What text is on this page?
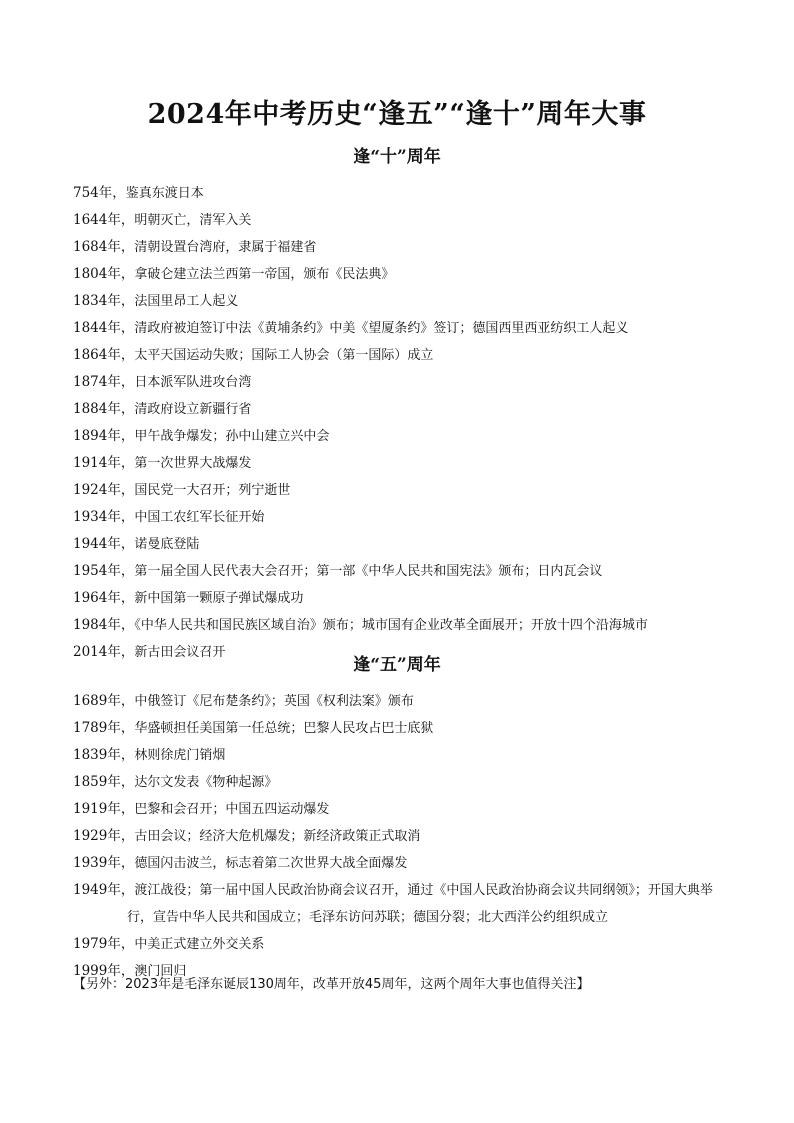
2024年中考历史“逢五”“逢十”周年大事
逢“十”周年
754年，鉴真东渡日本
1644年，明朝灭亡，清军入关
1684年，清朝设置台湾府，隶属于福建省
1804年，拿破仑建立法兰西第一帝国，颁布《民法典》
1834年，法国里昂工人起义
1844年，清政府被迫签订中法《黄埔条约》中美《望厦条约》签订；德国西里西亚纺织工人起义
1864年，太平天国运动失败；国际工人协会（第一国际）成立
1874年，日本派军队进攻台湾
1884年，清政府设立新疆行省
1894年，甲午战争爆发；孙中山建立兴中会
1914年，第一次世界大战爆发
1924年，国民党一大召开；列宁逝世
1934年，中国工农红军长征开始
1944年，诺曼底登陆
1954年，第一届全国人民代表大会召开；第一部《中华人民共和国宪法》颁布；日内瓦会议
1964年，新中国第一颗原子弹试爆成功
1984年，《中华人民共和国民族区域自治》颁布；城市国有企业改革全面展开；开放十四个沿海城市
2014年，新古田会议召开
逢“五”周年
1689年，中俄签订《尼布楚条约》；英国《权利法案》颁布
1789年，华盛顿担任美国第一任总统；巴黎人民攻占巴士底狱
1839年，林则徐虎门销烟
1859年，达尔文发表《物种起源》
1919年，巴黎和会召开；中国五四运动爆发
1929年，古田会议；经济大危机爆发；新经济政策正式取消
1939年，德国闪击波兰，标志着第二次世界大战全面爆发
1949年，渡江战役；第一届中国人民政治协商会议召开，通过《中国人民政治协商会议共同纲领》；开国大典举行，宣告中华人民共和国成立；毛泽东访问苏联；德国分裂；北大西洋公约组织成立
1979年，中美正式建立外交关系
1999年，澳门回归

【另外：2023年是毛泽东诞辰130周年，改革开放45周年，这两个周年大事也值得关注】
